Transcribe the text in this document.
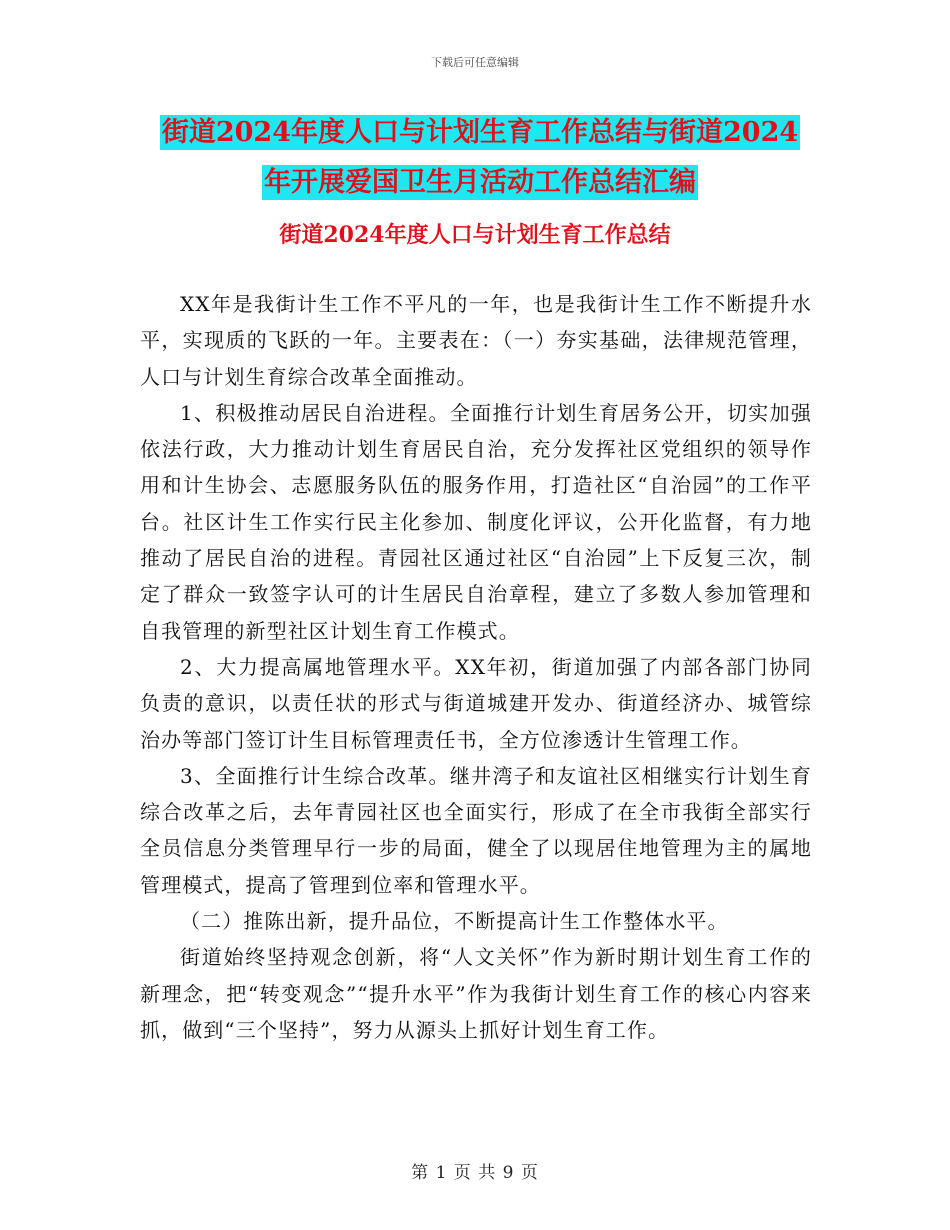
下载后可任意编辑
街道2024年度人口与计划生育工作总结与街道2024
年开展爱国卫生月活动工作总结汇编
街道2024年度人口与计划生育工作总结

XX年是我街计生工作不平凡的一年，也是我街计生工作不断提升水平，实现质的飞跃的一年。主要表在：（一）夯实基础，法律规范管理，人口与计划生育综合改革全面推动。

1、积极推动居民自治进程。全面推行计划生育居务公开，切实加强依法行政，大力推动计划生育居民自治，充分发挥社区党组织的领导作用和计生协会、志愿服务队伍的服务作用，打造社区“自治园”的工作平台。社区计生工作实行民主化参加、制度化评议，公开化监督，有力地推动了居民自治的进程。青园社区通过社区“自治园”上下反复三次，制定了群众一致签字认可的计生居民自治章程，建立了多数人参加管理和自我管理的新型社区计划生育工作模式。

2、大力提高属地管理水平。XX年初，街道加强了内部各部门协同负责的意识，以责任状的形式与街道城建开发办、街道经济办、城管综治办等部门签订计生目标管理责任书，全方位渗透计生管理工作。

3、全面推行计生综合改革。继井湾子和友谊社区相继实行计划生育综合改革之后，去年青园社区也全面实行，形成了在全市我街全部实行全员信息分类管理早行一步的局面，健全了以现居住地管理为主的属地管理模式，提高了管理到位率和管理水平。

（二）推陈出新，提升品位，不断提高计生工作整体水平。

街道始终坚持观念创新，将“人文关怀”作为新时期计划生育工作的新理念，把“转变观念”“提升水平”作为我街计划生育工作的核心内容来抓，做到“三个坚持”，努力从源头上抓好计划生育工作。

第 1 页 共 9 页
